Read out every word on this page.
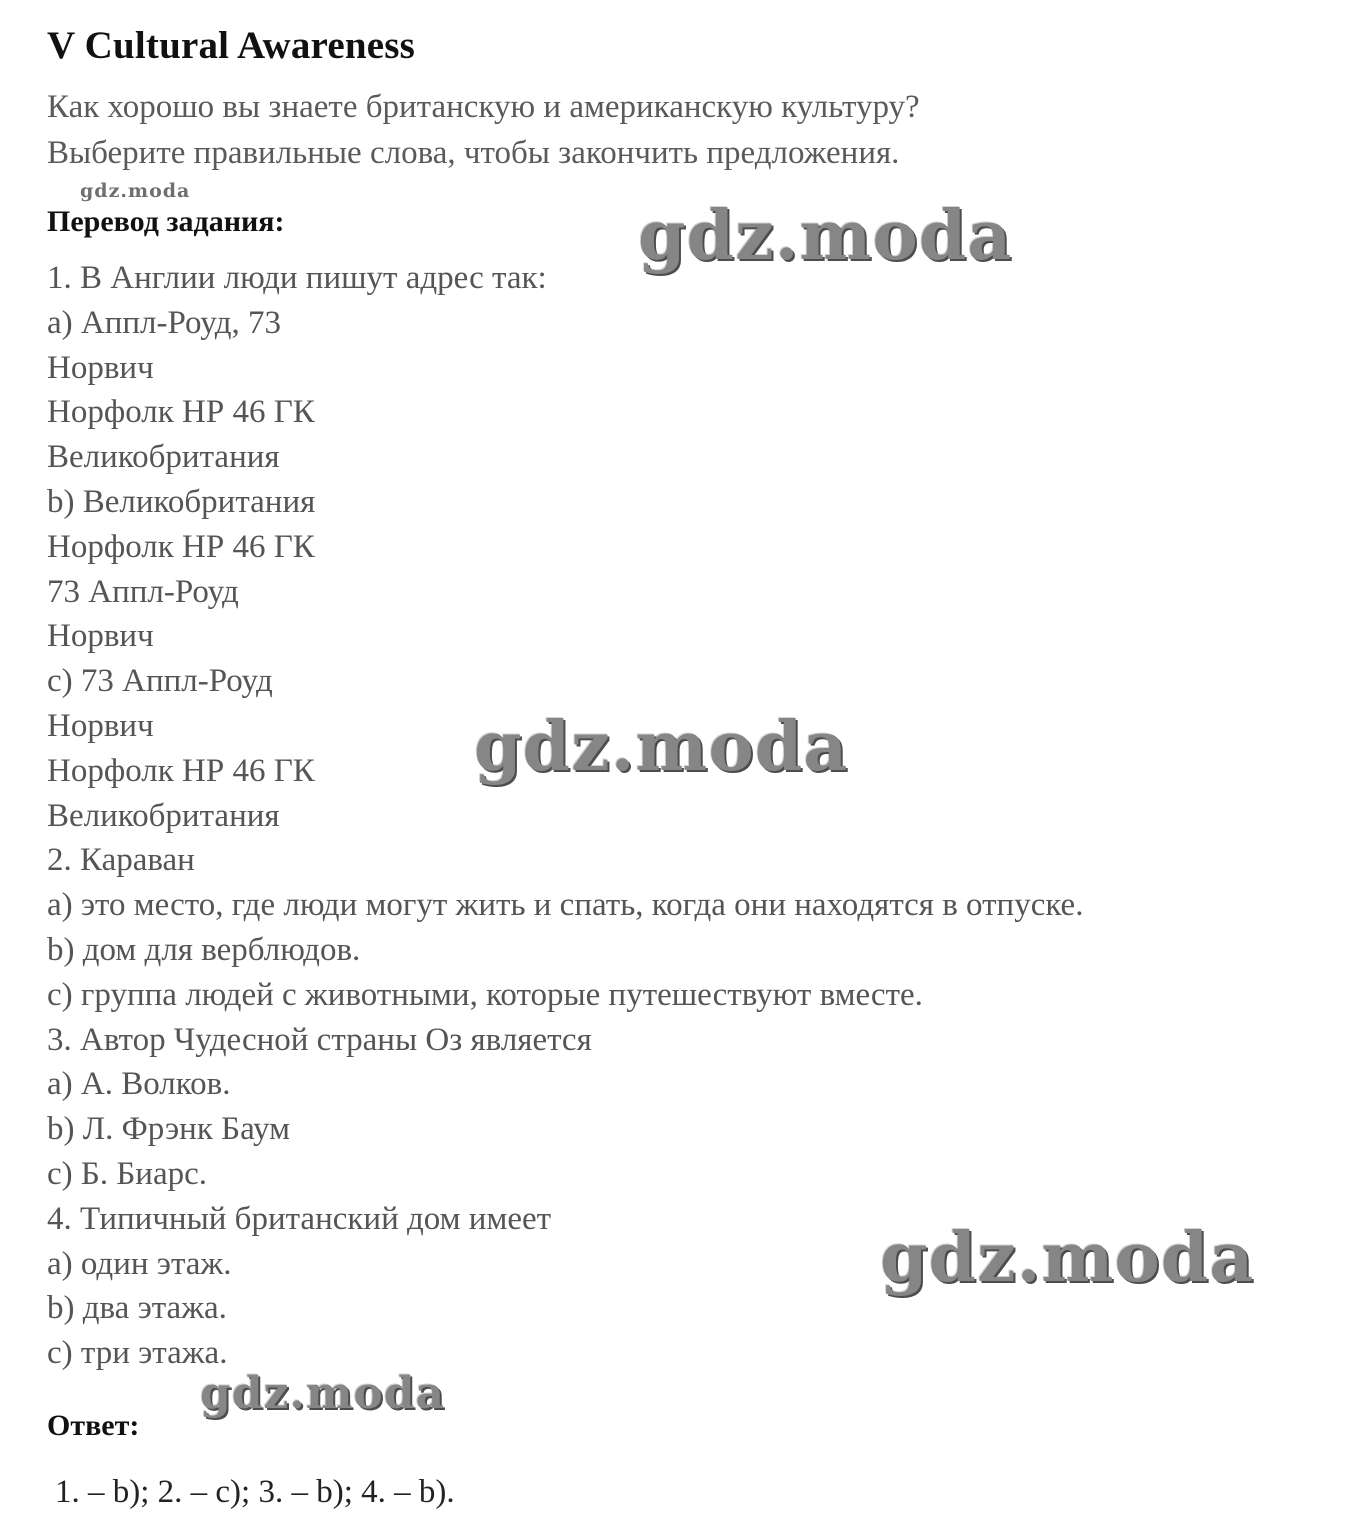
V Cultural Awareness
Как хорошо вы знаете британскую и американскую культуру?
Выберите правильные слова, чтобы закончить предложения.
Перевод задания:
1. В Англии люди пишут адрес так:
a) Аппл-Роуд, 73
Норвич
Норфолк НР 46 ГК
Великобритания
b) Великобритания
Норфолк НР 46 ГК
73 Аппл-Роуд
Норвич
c) 73 Аппл-Роуд
Норвич
Норфолк НР 46 ГК
Великобритания
2. Караван
a) это место, где люди могут жить и спать, когда они находятся в отпуске.
b) дом для верблюдов.
c) группа людей с животными, которые путешествуют вместе.
3. Автор Чудесной страны Оз является
a) А. Волков.
b) Л. Фрэнк Баум
c) Б. Биарс.
4. Типичный британский дом имеет
a) один этаж.
b) два этажа.
c) три этажа.
Ответ:
1. – b); 2. – c); 3. – b); 4. – b).
gdz.moda
gdz.moda
gdz.moda
gdz.moda
gdz.moda
